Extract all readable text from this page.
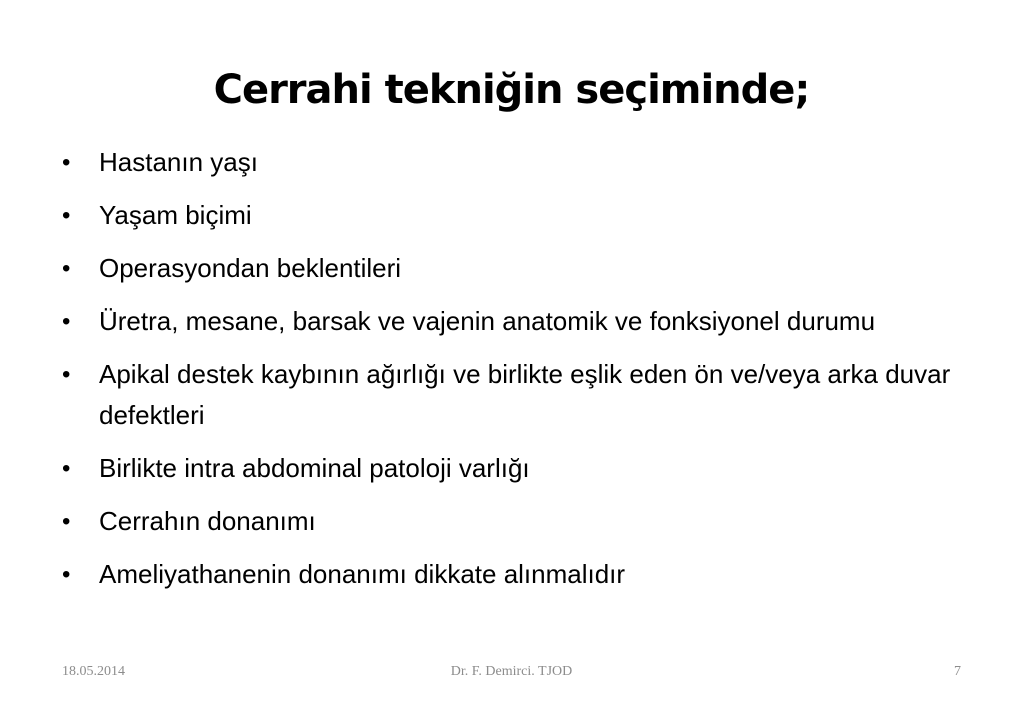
Cerrahi tekniğin seçiminde;
• Hastanın yaşı
• Yaşam biçimi
• Operasyondan beklentileri
• Üretra, mesane, barsak ve vajenin anatomik ve fonksiyonel durumu
• Apikal destek kaybının ağırlığı ve birlikte eşlik eden ön ve/veya arka duvar defektleri
• Birlikte intra abdominal patoloji varlığı
• Cerrahın donanımı
• Ameliyathanenin donanımı dikkate alınmalıdır
18.05.2014	Dr. F. Demirci. TJOD	7
